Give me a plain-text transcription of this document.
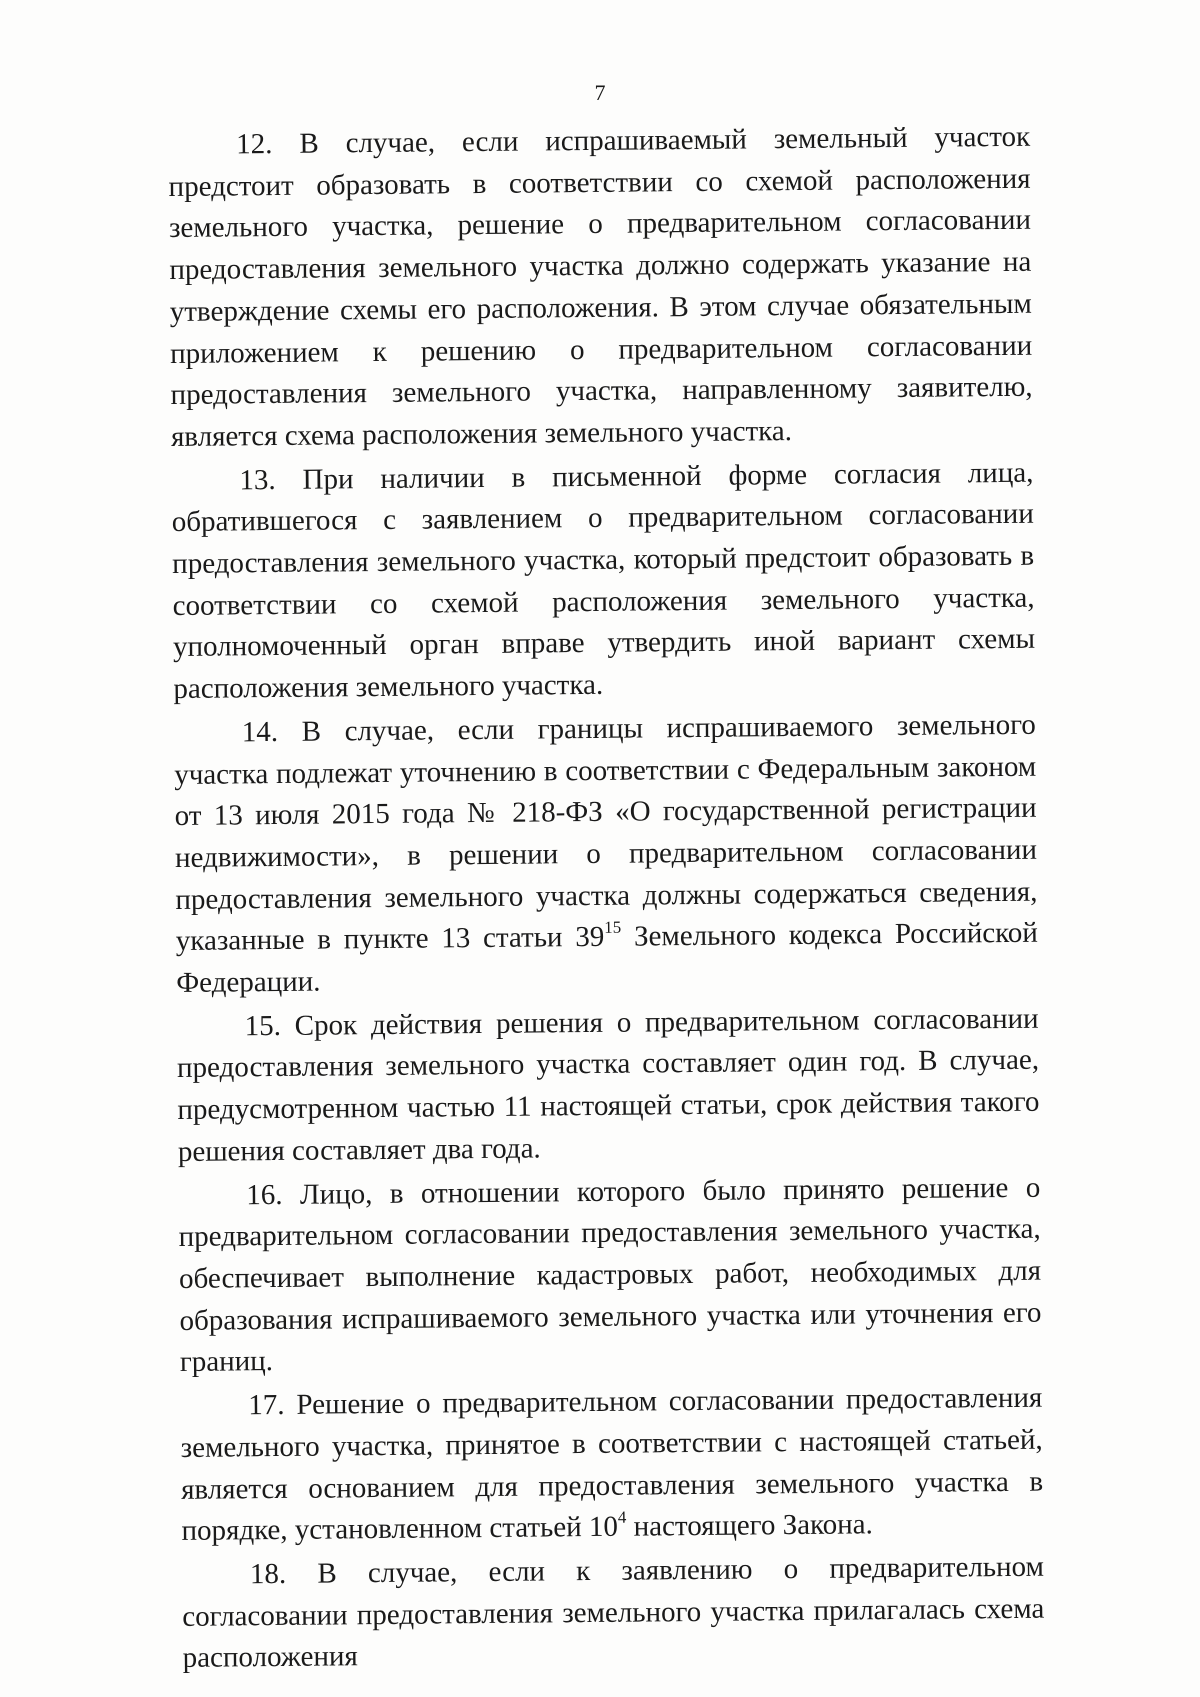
7

12. В случае, если испрашиваемый земельный участок предстоит образовать в соответствии со схемой расположения земельного участка, решение о предварительном согласовании предоставления земельного участка должно содержать указание на утверждение схемы его расположения. В этом случае обязательным приложением к решению о предварительном согласовании предоставления земельного участка, направленному заявителю, является схема расположения земельного участка.

13. При наличии в письменной форме согласия лица, обратившегося с заявлением о предварительном согласовании предоставления земельного участка, который предстоит образовать в соответствии со схемой расположения земельного участка, уполномоченный орган вправе утвердить иной вариант схемы расположения земельного участка.

14. В случае, если границы испрашиваемого земельного участка подлежат уточнению в соответствии с Федеральным законом от 13 июля 2015 года № 218-ФЗ «О государственной регистрации недвижимости», в решении о предварительном согласовании предоставления земельного участка должны содержаться сведения, указанные в пункте 13 статьи $39^{15}$ Земельного кодекса Российской Федерации.

15. Срок действия решения о предварительном согласовании предоставления земельного участка составляет один год. В случае, предусмотренном частью 11 настоящей статьи, срок действия такого решения составляет два года.

16. Лицо, в отношении которого было принято решение о предварительном согласовании предоставления земельного участка, обеспечивает выполнение кадастровых работ, необходимых для образования испрашиваемого земельного участка или уточнения его границ.

17. Решение о предварительном согласовании предоставления земельного участка, принятое в соответствии с настоящей статьей, является основанием для предоставления земельного участка в порядке, установленном статьей $10^4$ настоящего Закона.

18. В случае, если к заявлению о предварительном согласовании предоставления земельного участка прилагалась схема расположения
